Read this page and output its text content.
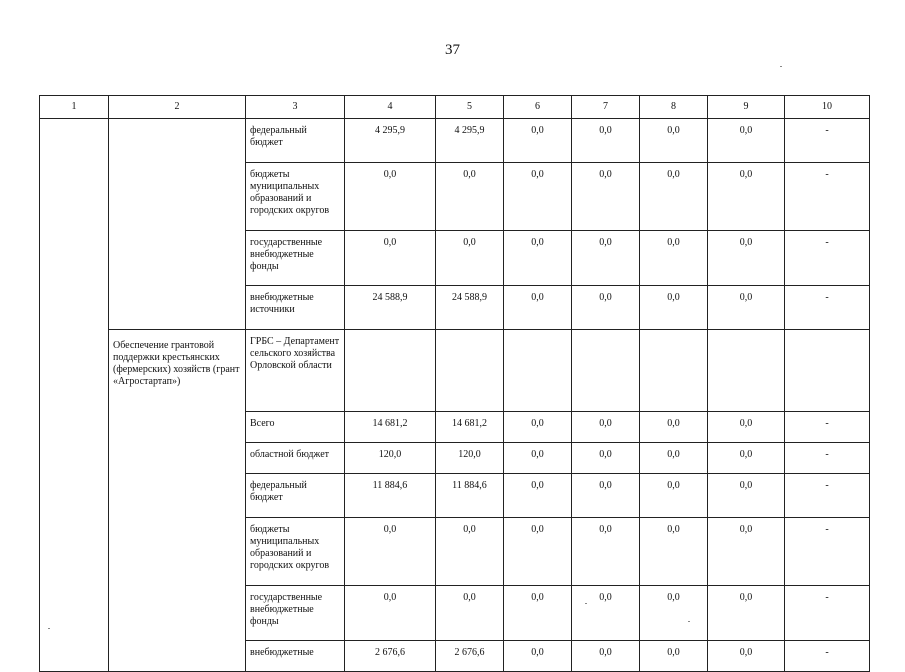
37
1	2	3	4	5	6	7	8	9	10
		федеральный бюджет	4 295,9	4 295,9	0,0	0,0	0,0	0,0	-
		бюджеты муниципальных образований и городских округов	0,0	0,0	0,0	0,0	0,0	0,0	-
		государственные внебюджетные фонды	0,0	0,0	0,0	0,0	0,0	0,0	-
		внебюджетные источники	24 588,9	24 588,9	0,0	0,0	0,0	0,0	-
	Обеспечение грантовой поддержки крестьянских (фермерских) хозяйств (грант «Агростартап»)	ГРБС – Департамент сельского хозяйства Орловской области							
		Всего	14 681,2	14 681,2	0,0	0,0	0,0	0,0	-
		областной бюджет	120,0	120,0	0,0	0,0	0,0	0,0	-
		федеральный бюджет	11 884,6	11 884,6	0,0	0,0	0,0	0,0	-
		бюджеты муниципальных образований и городских округов	0,0	0,0	0,0	0,0	0,0	0,0	-
		государственные внебюджетные фонды	0,0	0,0	0,0	0,0	0,0	0,0	-
		внебюджетные	2 676,6	2 676,6	0,0	0,0	0,0	0,0	-
